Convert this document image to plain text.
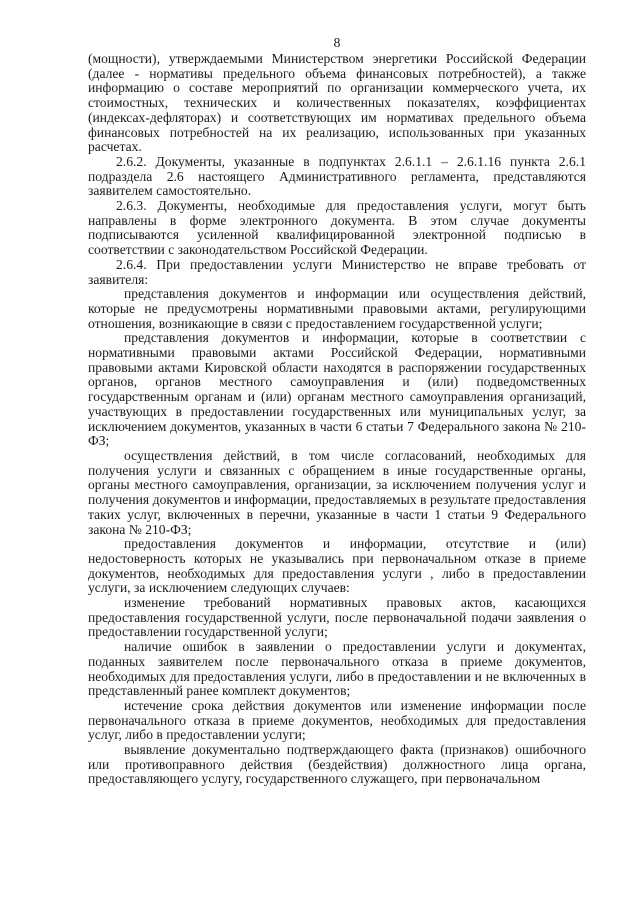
8

(мощности), утверждаемыми Министерством энергетики Российской Федерации (далее - нормативы предельного объема финансовых потребностей), а также информацию о составе мероприятий по организации коммерческого учета, их стоимостных, технических и количественных показателях, коэффициентах (индексах-дефляторах) и соответствующих им нормативах предельного объема финансовых потребностей на их реализацию, использованных при указанных расчетах.

2.6.2. Документы, указанные в подпунктах 2.6.1.1 – 2.6.1.16 пункта 2.6.1 подраздела 2.6 настоящего Административного регламента, представляются заявителем самостоятельно.

2.6.3. Документы, необходимые для предоставления услуги, могут быть направлены в форме электронного документа. В этом случае документы подписываются усиленной квалифицированной электронной подписью в соответствии с законодательством Российской Федерации.

2.6.4. При предоставлении услуги Министерство не вправе требовать от заявителя:

представления документов и информации или осуществления действий, которые не предусмотрены нормативными правовыми актами, регулирующими отношения, возникающие в связи с предоставлением государственной услуги;

представления документов и информации, которые в соответствии с нормативными правовыми актами Российской Федерации, нормативными правовыми актами Кировской области находятся в распоряжении государственных органов, органов местного самоуправления и (или) подведомственных государственным органам и (или) органам местного самоуправления организаций, участвующих в предоставлении государственных или муниципальных услуг, за исключением документов, указанных в части 6 статьи 7 Федерального закона № 210-ФЗ;

осуществления действий, в том числе согласований, необходимых для получения услуги и связанных с обращением в иные государственные органы, органы местного самоуправления, организации, за исключением получения услуг и получения документов и информации, предоставляемых в результате предоставления таких услуг, включенных в перечни, указанные в части 1 статьи 9 Федерального закона № 210-ФЗ;

предоставления документов и информации, отсутствие и (или) недостоверность которых не указывались при первоначальном отказе в приеме документов, необходимых для предоставления услуги , либо в предоставлении услуги, за исключением следующих случаев:

изменение требований нормативных правовых актов, касающихся предоставления государственной услуги, после первоначальной подачи заявления о предоставлении государственной услуги;

наличие ошибок в заявлении о предоставлении услуги и документах, поданных заявителем после первоначального отказа в приеме документов, необходимых для предоставления услуги, либо в предоставлении и не включенных в представленный ранее комплект документов;

истечение срока действия документов или изменение информации после первоначального отказа в приеме документов, необходимых для предоставления услуг, либо в предоставлении услуги;

выявление документально подтверждающего факта (признаков) ошибочного или противоправного действия (бездействия) должностного лица органа, предоставляющего услугу, государственного служащего, при первоначальном
